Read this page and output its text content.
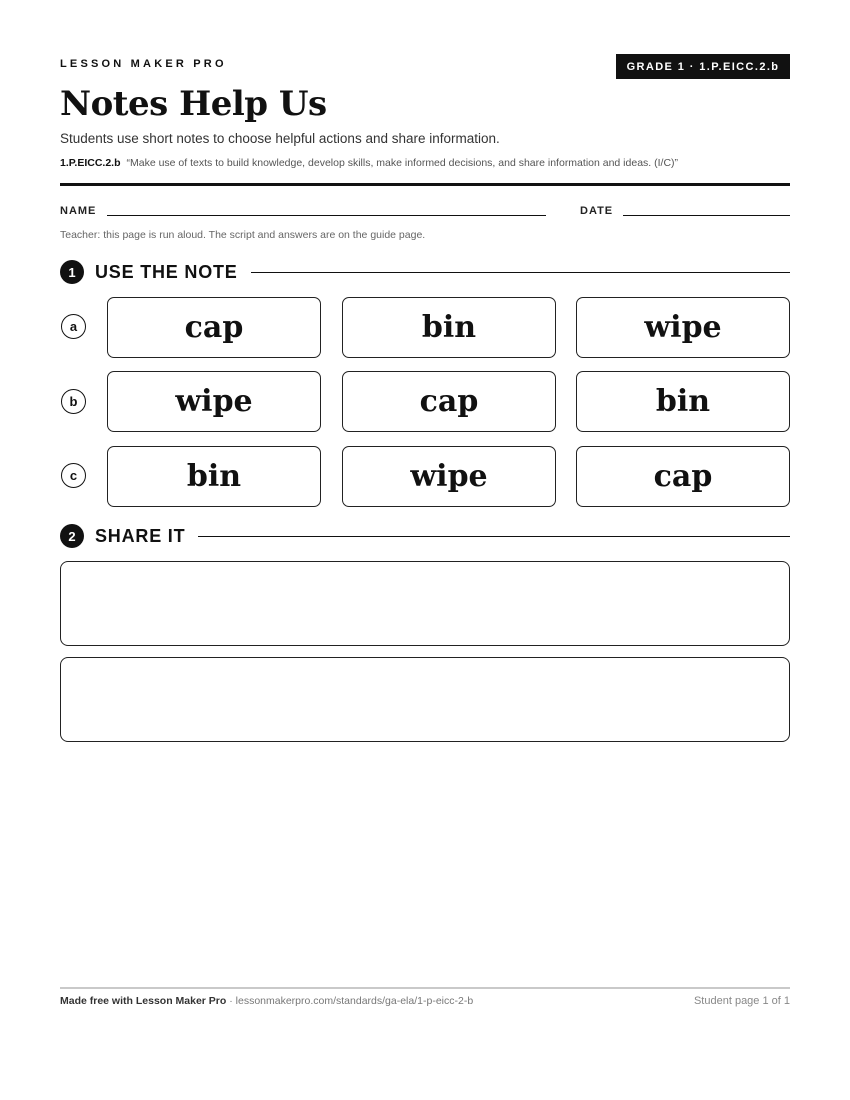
LESSON MAKER PRO	GRADE 1 · 1.P.EICC.2.b
Notes Help Us
Students use short notes to choose helpful actions and share information.
1.P.EICC.2.b “Make use of texts to build knowledge, develop skills, make informed decisions, and share information and ideas. (I/C)”
NAME	DATE
Teacher: this page is run aloud. The script and answers are on the guide page.
1	USE THE NOTE
a	cap	bin	wipe
b	wipe	cap	bin
c	bin	wipe	cap
2	SHARE IT
Made free with Lesson Maker Pro · lessonmakerpro.com/standards/ga-ela/1-p-eicc-2-b	Student page 1 of 1
